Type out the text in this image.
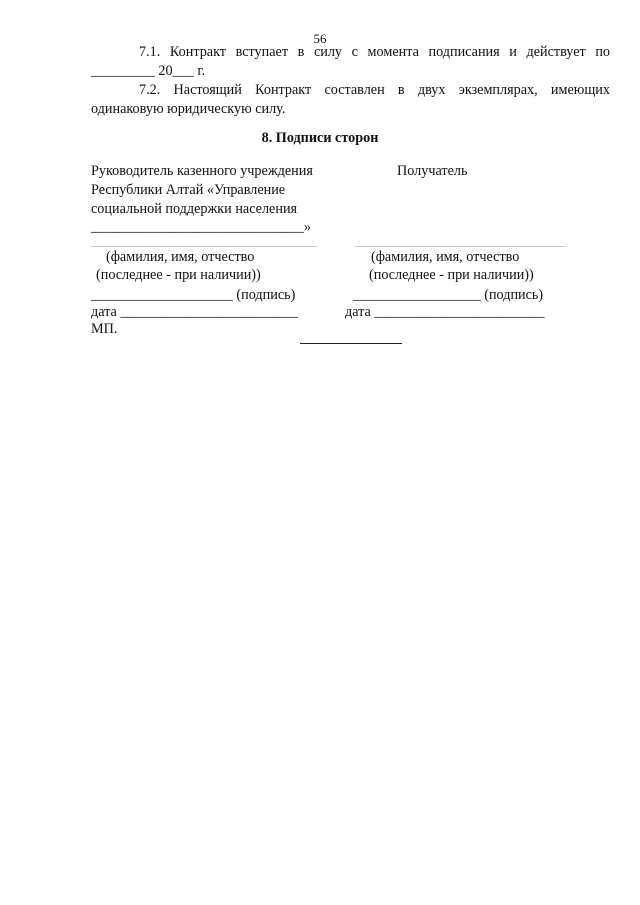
56

7.1. Контракт вступает в силу с момента подписания и действует по _________ 20___ г.

7.2. Настоящий Контракт составлен в двух экземплярах, имеющих одинаковую юридическую силу.

8. Подписи сторон
Руководитель казенного учреждения
Республики Алтай «Управление
социальной поддержки населения
______________________________»
Получатель
(фамилия, имя, отчество
(последнее - при наличии))
(фамилия, имя, отчество
(последнее - при наличии))
____________________ (подпись)	__________________ (подпись)
дата _________________________	дата ________________________
МП.
